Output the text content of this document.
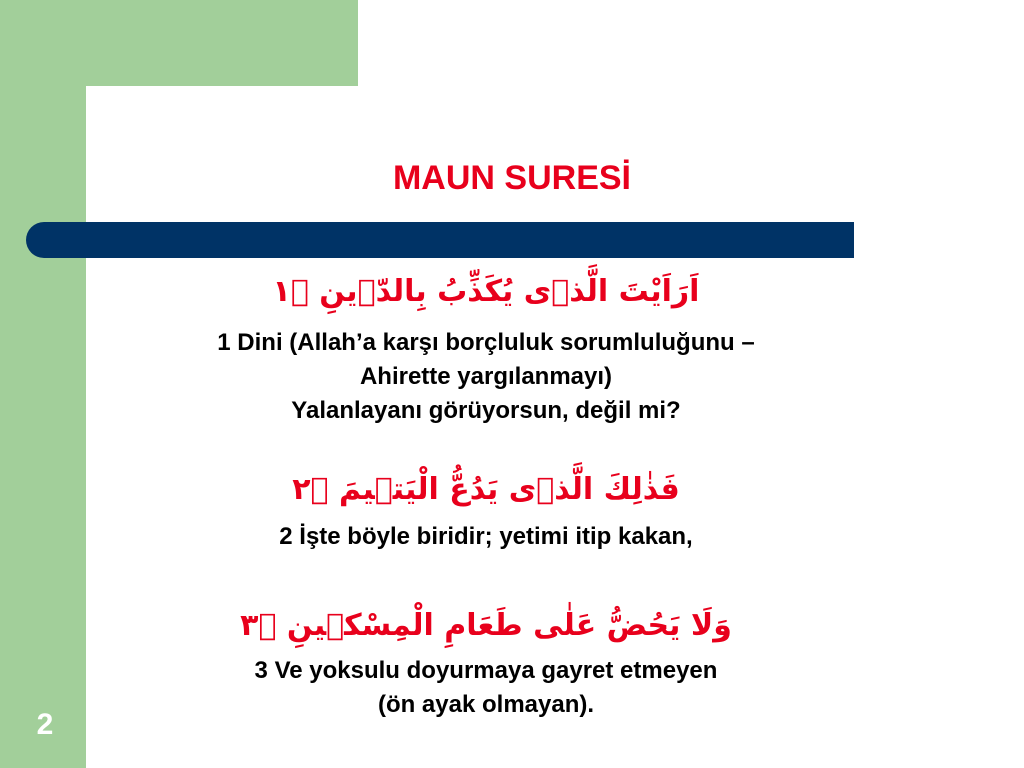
2
MAUN SURESİ
اَرَاَيْتَ الَّذٖى يُكَذِّبُ بِالدّٖينِ ﴿١
1 Dini (Allah’a karşı borçluluk sorumluluğunu –
Ahirette yargılanmayı)
Yalanlayanı görüyorsun, değil mi?
فَذٰلِكَ الَّذٖى يَدُعُّ الْيَتٖيمَ ﴿٢
2 İşte böyle biridir; yetimi itip kakan,
وَلَا يَحُضُّ عَلٰى طَعَامِ الْمِسْكٖينِ ﴿٣
3 Ve yoksulu doyurmaya gayret etmeyen
(ön ayak olmayan).
